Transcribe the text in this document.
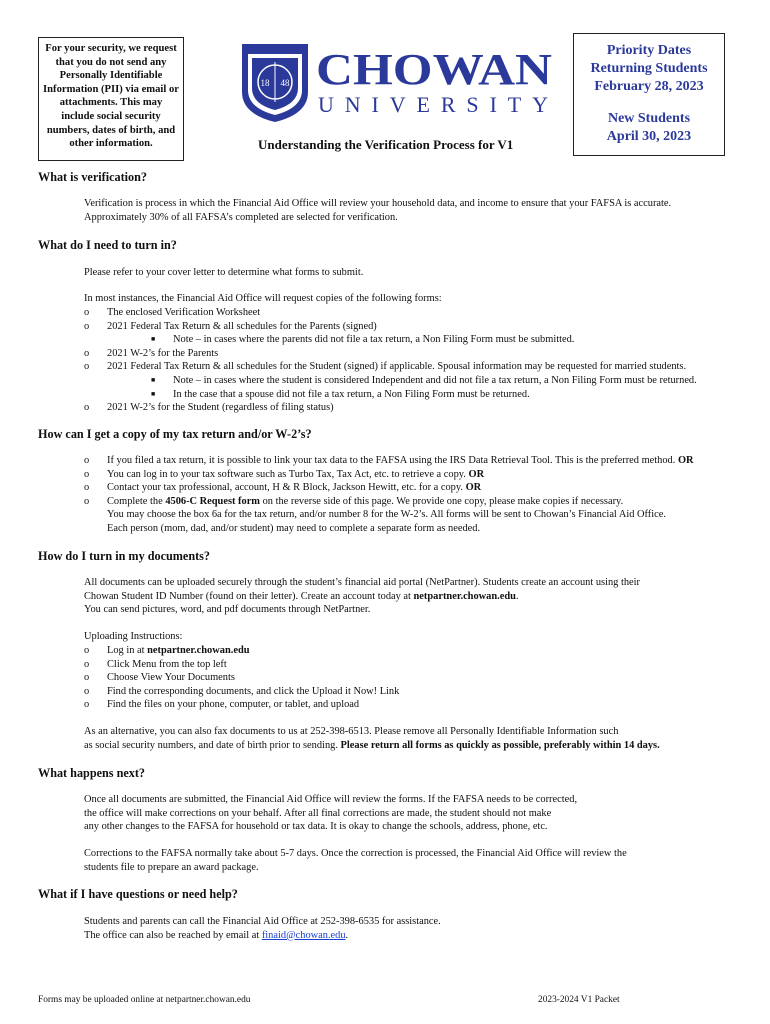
For your security, we request that you do not send any Personally Identifiable Information (PII) via email or attachments. This may include social security numbers, dates of birth, and other information.
18 48 CHOWAN
UNIVERSITY
Priority Dates
Returning Students
February 28, 2023
New Students
April 30, 2023
Understanding the Verification Process for V1
What is verification?

Verification is process in which the Financial Aid Office will review your household data, and income to ensure that your FAFSA is accurate.

Approximately 30% of all FAFSA’s completed are selected for verification.

What do I need to turn in?
Please refer to your cover letter to determine what forms to submit.
In most instances, the Financial Aid Office will request copies of the following forms:
o The enclosed Verification Worksheet
o 2021 Federal Tax Return & all schedules for the Parents (signed)
■ Note – in cases where the parents did not file a tax return, a Non Filing Form must be submitted.
o 2021 W-2’s for the Parents
o 2021 Federal Tax Return & all schedules for the Student (signed) if applicable. Spousal information may be requested for married students.
■ Note – in cases where the student is considered Independent and did not file a tax return, a Non Filing Form must be returned.
■ In the case that a spouse did not file a tax return, a Non Filing Form must be returned.
o 2021 W-2’s for the Student (regardless of filing status)
How can I get a copy of my tax return and/or W-2’s?
o If you filed a tax return, it is possible to link your tax data to the FAFSA using the IRS Data Retrieval Tool. This is the preferred method. OR
o You can log in to your tax software such as Turbo Tax, Tax Act, etc. to retrieve a copy. OR
o Contact your tax professional, account, H & R Block, Jackson Hewitt, etc. for a copy. OR
o Complete the 4506-C Request form on the reverse side of this page. We provide one copy, please make copies if necessary.
You may choose the box 6a for the tax return, and/or number 8 for the W-2’s. All forms will be sent to Chowan’s Financial Aid Office.
Each person (mom, dad, and/or student) may need to complete a separate form as needed.
How do I turn in my documents?

All documents can be uploaded securely through the student’s financial aid portal (NetPartner). Students create an account using their

Chowan Student ID Number (found on their letter). Create an account today at netpartner.chowan.edu.

You can send pictures, word, and pdf documents through NetPartner.

Uploading Instructions:
o Log in at netpartner.chowan.edu
o Click Menu from the top left
o Choose View Your Documents
o Find the corresponding documents, and click the Upload it Now! Link
o Find the files on your phone, computer, or tablet, and upload

As an alternative, you can also fax documents to us at 252-398-6513. Please remove all Personally Identifiable Information such

as social security numbers, and date of birth prior to sending. Please return all forms as quickly as possible, preferably within 14 days.

What happens next?

Once all documents are submitted, the Financial Aid Office will review the forms. If the FAFSA needs to be corrected,

the office will make corrections on your behalf. After all final corrections are made, the student should not make

any other changes to the FAFSA for household or tax data. It is okay to change the schools, address, phone, etc.

Corrections to the FAFSA normally take about 5-7 days. Once the correction is processed, the Financial Aid Office will review the

students file to prepare an award package.

What if I have questions or need help?

Students and parents can call the Financial Aid Office at 252-398-6535 for assistance.

The office can also be reached by email at finaid@chowan.edu.

Forms may be uploaded online at netpartner.chowan.edu	2023-2024 V1 Packet
